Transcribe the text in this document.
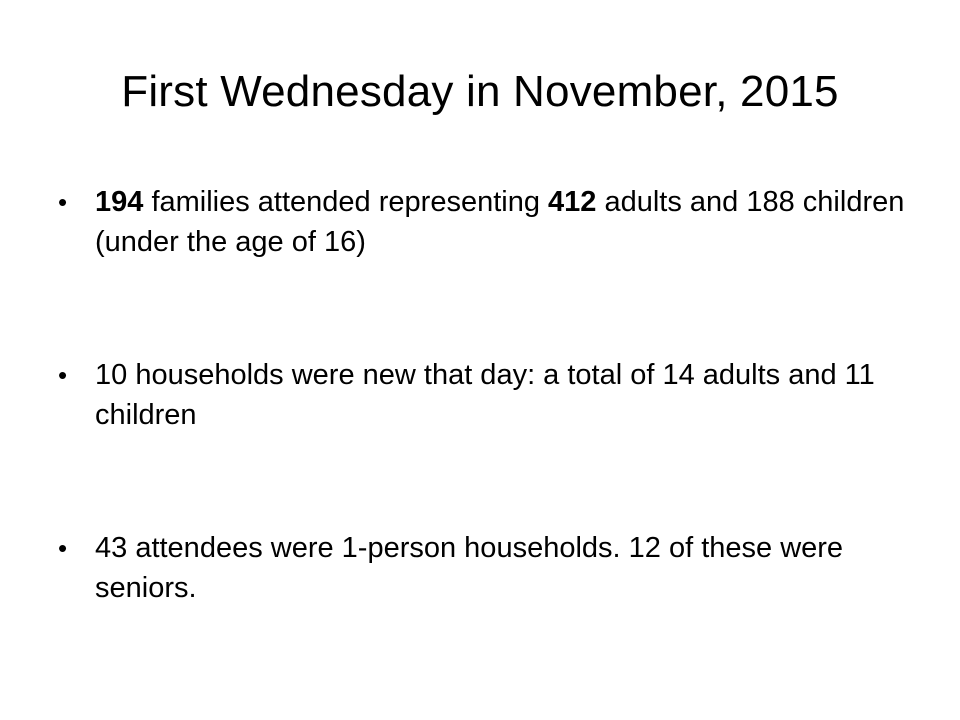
First Wednesday in November, 2015
• 194 families attended representing 412 adults and 188 children (under the age of 16)
• 10 households were new that day: a total of 14 adults and 11 children
• 43 attendees were 1-person households. 12 of these were seniors.
